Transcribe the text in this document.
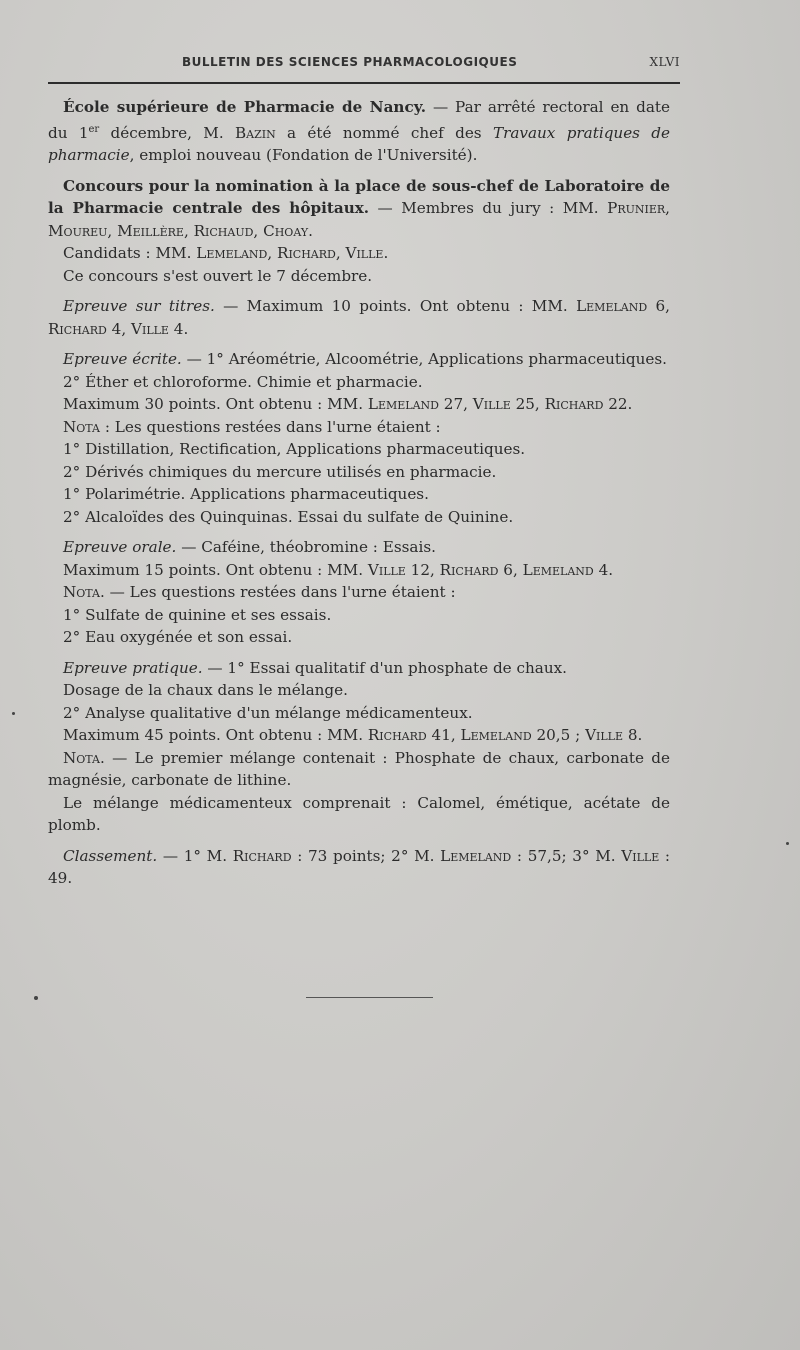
BULLETIN DES SCIENCES PHARMACOLOGIQUES	XLVI

École supérieure de Pharmacie de Nancy. — Par arrêté rectoral en date du 1er décembre, M. Bazin a été nommé chef des Travaux pratiques de pharmacie, emploi nouveau (Fondation de l'Université).

Concours pour la nomination à la place de sous-chef de Laboratoire de la Pharmacie centrale des hôpitaux. — Membres du jury : MM. Prunier, Moureu, Meillère, Richaud, Choay.

Candidats : MM. Lemeland, Richard, Ville.

Ce concours s'est ouvert le 7 décembre.

Epreuve sur titres. — Maximum 10 points. Ont obtenu : MM. Lemeland 6, Richard 4, Ville 4.

Epreuve écrite. — 1° Aréométrie, Alcoométrie, Applications pharmaceutiques.

2° Éther et chloroforme. Chimie et pharmacie.

Maximum 30 points. Ont obtenu : MM. Lemeland 27, Ville 25, Richard 22.

Nota : Les questions restées dans l'urne étaient :

1° Distillation, Rectification, Applications pharmaceutiques.

2° Dérivés chimiques du mercure utilisés en pharmacie.

1° Polarimétrie. Applications pharmaceutiques.

2° Alcaloïdes des Quinquinas. Essai du sulfate de Quinine.

Epreuve orale. — Caféine, théobromine : Essais.

Maximum 15 points. Ont obtenu : MM. Ville 12, Richard 6, Lemeland 4.

Nota. — Les questions restées dans l'urne étaient :

1° Sulfate de quinine et ses essais.

2° Eau oxygénée et son essai.

Epreuve pratique. — 1° Essai qualitatif d'un phosphate de chaux.

Dosage de la chaux dans le mélange.

2° Analyse qualitative d'un mélange médicamenteux.

Maximum 45 points. Ont obtenu : MM. Richard 41, Lemeland 20,5 ; Ville 8.

Nota. — Le premier mélange contenait : Phosphate de chaux, carbonate de magnésie, carbonate de lithine.

Le mélange médicamenteux comprenait : Calomel, émétique, acétate de plomb.

Classement. — 1° M. Richard : 73 points; 2° M. Lemeland : 57,5; 3° M. Ville : 49.
